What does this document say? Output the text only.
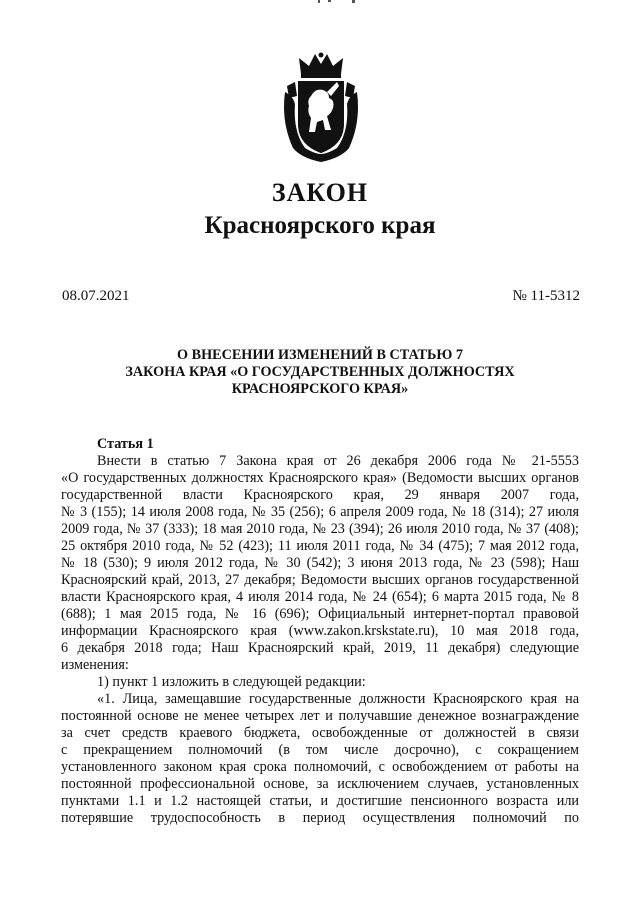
ЗАКОН
Красноярского края
08.07.2021	№ 11-5312
О ВНЕСЕНИИ ИЗМЕНЕНИЙ В СТАТЬЮ 7
ЗАКОНА КРАЯ «О ГОСУДАРСТВЕННЫХ ДОЛЖНОСТЯХ
КРАСНОЯРСКОГО КРАЯ»
Статья 1
Внести в статью 7 Закона края от 26 декабря 2006 года № 21-5553
«О государственных должностях Красноярского края» (Ведомости высших органов
государственной власти Красноярского края, 29 января 2007 года,
№ 3 (155); 14 июля 2008 года, № 35 (256); 6 апреля 2009 года, № 18 (314); 27 июля
2009 года, № 37 (333); 18 мая 2010 года, № 23 (394); 26 июля 2010 года, № 37 (408);
25 октября 2010 года, № 52 (423); 11 июля 2011 года, № 34 (475); 7 мая 2012 года,
№ 18 (530); 9 июля 2012 года, № 30 (542); 3 июня 2013 года, № 23 (598); Наш
Красноярский край, 2013, 27 декабря; Ведомости высших органов государственной
власти Красноярского края, 4 июля 2014 года, № 24 (654); 6 марта 2015 года, № 8
(688); 1 мая 2015 года, № 16 (696); Официальный интернет-портал правовой
информации Красноярского края (www.zakon.krskstate.ru), 10 мая 2018 года,
6 декабря 2018 года; Наш Красноярский край, 2019, 11 декабря) следующие
изменения:
1) пункт 1 изложить в следующей редакции:
«1. Лица, замещавшие государственные должности Красноярского края на
постоянной основе не менее четырех лет и получавшие денежное вознаграждение
за счет средств краевого бюджета, освобожденные от должностей в связи
с прекращением полномочий (в том числе досрочно), с сокращением
установленного законом края срока полномочий, с освобождением от работы на
постоянной профессиональной основе, за исключением случаев, установленных
пунктами 1.1 и 1.2 настоящей статьи, и достигшие пенсионного возраста или
потерявшие трудоспособность в период осуществления полномочий по
